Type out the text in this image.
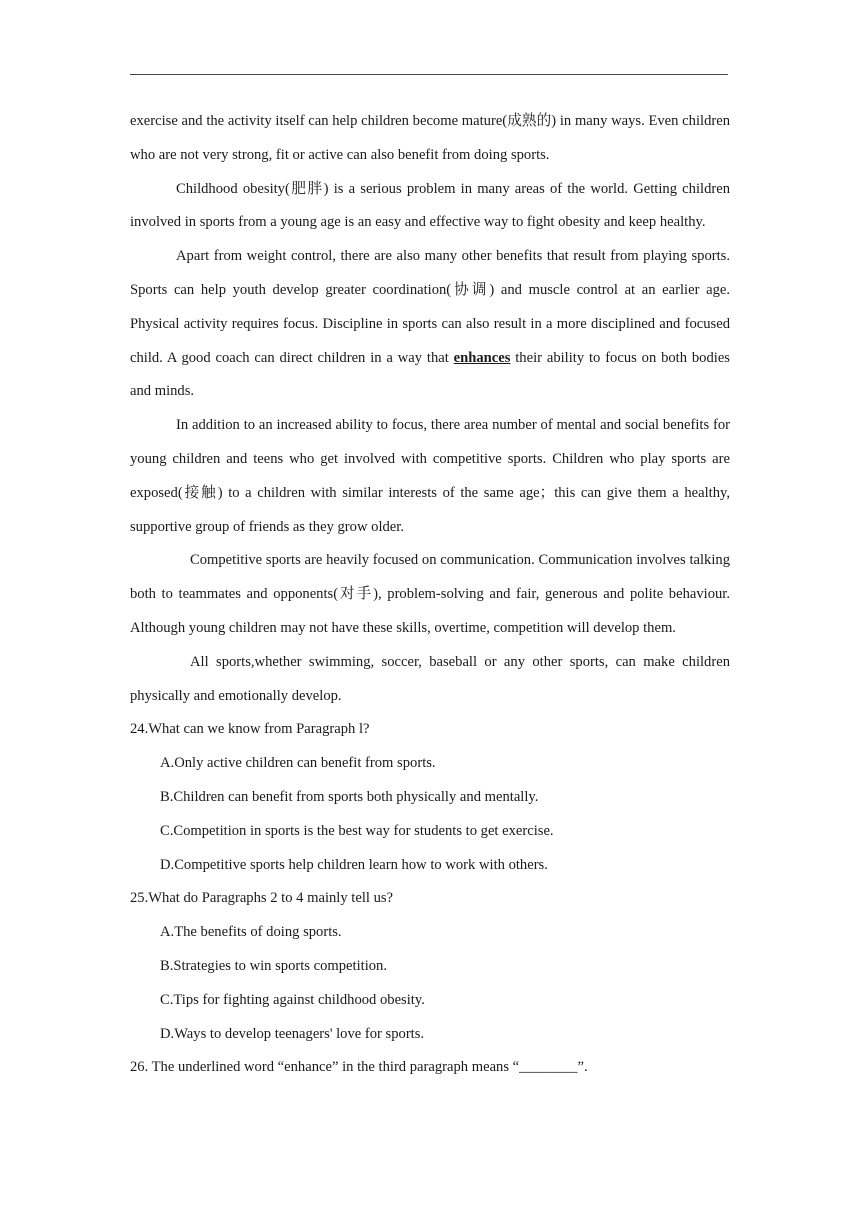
exercise and the activity itself can help children become mature(成熟的) in many ways. Even children who are not very strong, fit or active can also benefit from doing sports.

Childhood obesity(肥胖) is a serious problem in many areas of the world. Getting children involved in sports from a young age is an easy and effective way to fight obesity and keep healthy.

Apart from weight control, there are also many other benefits that result from playing sports. Sports can help youth develop greater coordination(协调) and muscle control at an earlier age. Physical activity requires focus. Discipline in sports can also result in a more disciplined and focused child. A good coach can direct children in a way that enhances their ability to focus on both bodies and minds.

In addition to an increased ability to focus, there area number of mental and social benefits for young children and teens who get involved with competitive sports. Children who play sports are exposed(接触) to a children with similar interests of the same age；this can give them a healthy, supportive group of friends as they grow older.

Competitive sports are heavily focused on communication. Communication involves talking both to teammates and opponents(对手), problem-solving and fair, generous and polite behaviour. Although young children may not have these skills, overtime, competition will develop them.

All sports,whether swimming, soccer, baseball or any other sports, can make children physically and emotionally develop.

24.What can we know from Paragraph l?

A.Only active children can benefit from sports.

B.Children can benefit from sports both physically and mentally.

C.Competition in sports is the best way for students to get exercise.

D.Competitive sports help children learn how to work with others.

25.What do Paragraphs 2 to 4 mainly tell us?

A.The benefits of doing sports.

B.Strategies to win sports competition.

C.Tips for fighting against childhood obesity.

D.Ways to develop teenagers' love for sports.

26. The underlined word “enhance” in the third paragraph means “________”.
